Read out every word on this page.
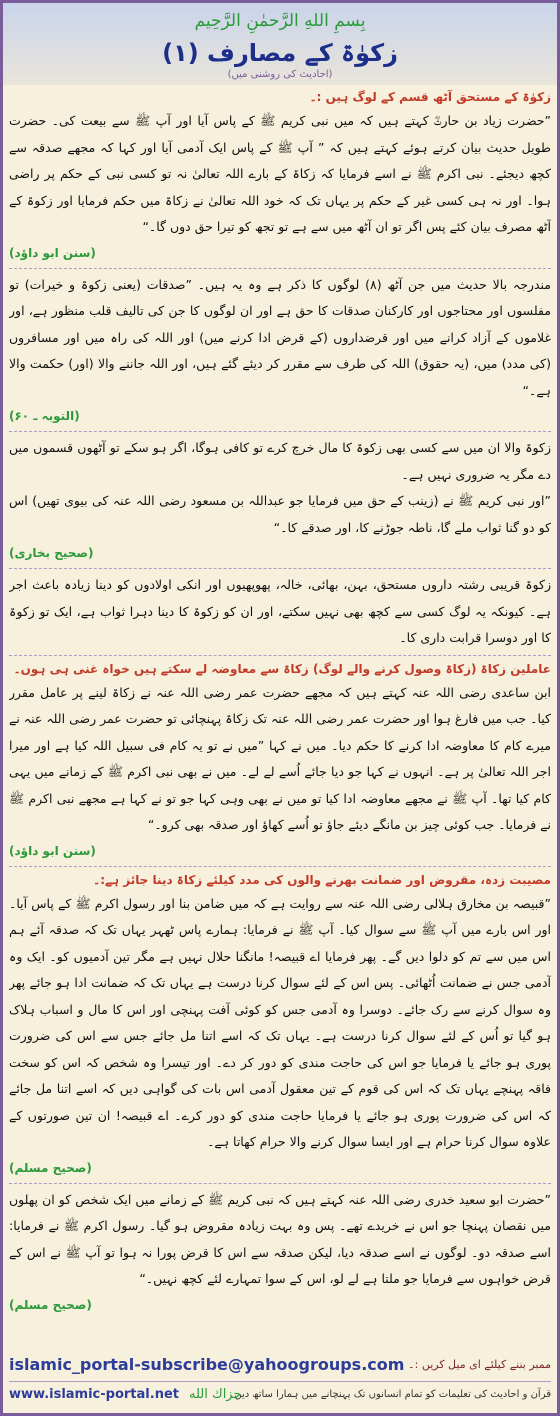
بِسمِ اللهِ الرَّحمٰنِ الرَّحِيم
زکوٰۃ کے مصارف (۱)
(احادیث کی روشنی میں)

زکوٰۃ کے مستحق آٹھ قسم کے لوگ ہیں :۔

”حضرت زیاد بن حارثؓ کہتے ہیں کہ میں نبی کریم ﷺ کے پاس آیا اور آپ ﷺ سے بیعت کی۔ حضرت طویل حدیث بیان کرتے ہوئے کہتے ہیں کہ ” آپ ﷺ کے پاس ایک آدمی آیا اور کہا کہ مجھے صدقہ سے کچھ دیجئے۔ نبی اکرم ﷺ نے اسے فرمایا کہ زکاۃ کے بارے اللہ تعالیٰ نہ تو کسی نبی کے حکم پر راضی ہوا۔ اور نہ ہی کسی غیر کے حکم پر یہاں تک کہ خود اللہ تعالیٰ نے زکاۃ میں حکم فرمایا اور زکوۃ کے آٹھ مصرف بیان کئے پس اگر تو ان آٹھ میں سے ہے تو تجھ کو تیرا حق دوں گا۔“

(سنن ابو داؤد)

مندرجہ بالا حدیث میں جن آٹھ (۸) لوگوں کا ذکر ہے وہ یہ ہیں۔ ”صدقات (یعنی زکوۃ و خیرات) تو مفلسوں اور محتاجوں اور کارکنان صدقات کا حق ہے اور ان لوگوں کا جن کی تالیف قلب منظور ہے، اور غلاموں کے آزاد کرانے میں اور قرضداروں (کے قرض ادا کرنے میں) اور اللہ کی راہ میں اور مسافروں (کی مدد) میں، (یہ حقوق) اللہ کی طرف سے مقرر کر دیئے گئے ہیں، اور اللہ جاننے والا (اور) حکمت والا ہے۔“

(التوبہ ـ ۶۰)

زکوۃ والا ان میں سے کسی بھی زکوۃ کا مال خرچ کرے تو کافی ہوگا، اگر ہو سکے تو آٹھوں قسموں میں دے مگر یہ ضروری نہیں ہے۔

”اور نبی کریم ﷺ نے (زینب کے حق میں فرمایا جو عبداللہ بن مسعود رضی اللہ عنہ کی بیوی تھیں) اس کو دو گنا ثواب ملے گا، ناطہ جوڑنے کا، اور صدقے کا۔“

(صحیح بخاری)

زکوۃ قریبی رشتہ داروں مستحق، بہن، بھائی، خالہ، پھوپھیوں اور انکی اولادوں کو دینا زیادہ باعث اجر ہے۔ کیونکہ یہ لوگ کسی سے کچھ بھی نہیں سکتے، اور ان کو زکوۃ کا دینا دہرا ثواب ہے، ایک تو زکوۃ کا اور دوسرا قرابت داری کا۔

عاملین زکاۃ (زکاۃ وصول کرنے والے لوگ) زکاۃ سے معاوضہ لے سکتے ہیں خواہ غنی ہی ہوں۔

ابن ساعدی رضی اللہ عنہ کہتے ہیں کہ مجھے حضرت عمر رضی اللہ عنہ نے زکاۃ لینے پر عامل مقرر کیا۔ جب میں فارغ ہوا اور حضرت عمر رضی اللہ عنہ تک زکاۃ پہنچائی تو حضرت عمر رضی اللہ عنہ نے میرے کام کا معاوضہ ادا کرنے کا حکم دیا۔ میں نے کہا ”میں نے تو یہ کام فی سبیل اللہ کیا ہے اور میرا اجر اللہ تعالیٰ پر ہے۔ انہوں نے کہا جو دیا جائے اُسے لے لے۔ میں نے بھی نبی اکرم ﷺ کے زمانے میں یہی کام کیا تھا۔ آپ ﷺ نے مجھے معاوضہ ادا کیا تو میں نے بھی وہی کہا جو تو نے کہا ہے مجھے نبی اکرم ﷺ نے فرمایا۔ جب کوئی چیز بن مانگے دیئے جاؤ تو اُسے کھاؤ اور صدقہ بھی کرو۔“

(سنن ابو داؤد)

مصیبت زدہ، مقروض اور ضمانت بھرنے والوں کی مدد کیلئے زکاۃ دینا جائز ہے:۔

”قبیصہ بن مخارق ہلالی رضی اللہ عنہ سے روایت ہے کہ میں ضامن بنا اور رسول اکرم ﷺ کے پاس آیا۔ اور اس بارے میں آپ ﷺ سے سوال کیا۔ آپ ﷺ نے فرمایا: ہمارے پاس ٹھہر یہاں تک کہ صدقہ آئے ہم اس میں سے تم کو دلوا دیں گے۔ پھر فرمایا اے قبیصہ! مانگنا حلال نہیں ہے مگر تین آدمیوں کو۔ ایک وہ آدمی جس نے ضمانت اُٹھائی۔ پس اس کے لئے سوال کرنا درست ہے یہاں تک کہ ضمانت ادا ہو جائے پھر وہ سوال کرنے سے رک جائے۔ دوسرا وہ آدمی جس کو کوئی آفت پہنچی اور اس کا مال و اسباب ہلاک ہو گیا تو اُس کے لئے سوال کرنا درست ہے۔ یہاں تک کہ اسے اتنا مل جائے جس سے اس کی ضرورت پوری ہو جائے یا فرمایا جو اس کی حاجت مندی کو دور کر دے۔ اور تیسرا وہ شخص کہ اس کو سخت فاقہ پہنچے یہاں تک کہ اس کی قوم کے تین معقول آدمی اس بات کی گواہی دیں کہ اسے اتنا مل جائے کہ اس کی ضرورت پوری ہو جائے یا فرمایا حاجت مندی کو دور کرے۔ اے قبیصہ! ان تین صورتوں کے علاوہ سوال کرنا حرام ہے اور ایسا سوال کرنے والا حرام کھاتا ہے۔

(صحیح مسلم)

”حضرت ابو سعید خدری رضی اللہ عنہ کہتے ہیں کہ نبی کریم ﷺ کے زمانے میں ایک شخص کو ان پھلوں میں نقصان پہنچا جو اس نے خریدے تھے۔ پس وہ بہت زیادہ مقروض ہو گیا۔ رسول اکرم ﷺ نے فرمایا: اسے صدقہ دو۔ لوگوں نے اسے صدقہ دیا، لیکن صدقہ سے اس کا قرض پورا نہ ہوا تو آپ ﷺ نے اس کے قرض خواہوں سے فرمایا جو ملتا ہے لے لو، اس کے سوا تمہارے لئے کچھ نہیں۔“

(صحیح مسلم)

ممبر بننے کیلئے ای میل کریں :۔
islamic_portal-subscribe@yahoogroups.com
قرآن و احادیث کی تعلیمات کو تمام انسانوں تک پہنچانے میں ہمارا ساتھ دیں۔
جزاك الله
www.islamic-portal.net
